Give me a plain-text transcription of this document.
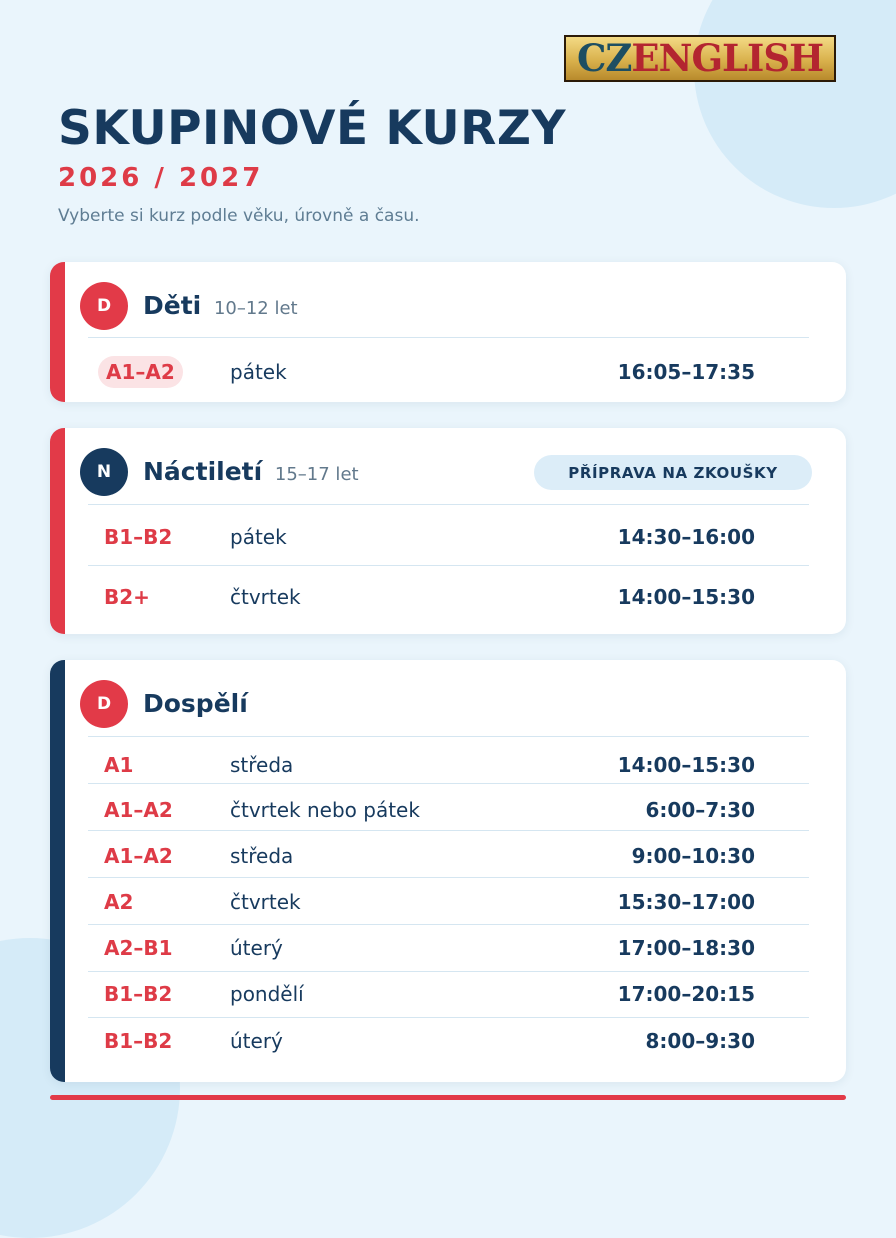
CZ ENGLISH
SKUPINOVÉ KURZY
2026 / 2027
Vyberte si kurz podle věku, úrovně a času.
D	Děti 10–12 let
A1–A2	pátek	16:05–17:35
N	Náctiletí 15–17 let	PŘÍPRAVA NA ZKOUŠKY
B1–B2	pátek	14:30–16:00
B2+	čtvrtek	14:00–15:30
D	Dospělí
A1	středa	14:00–15:30
A1–A2	čtvrtek nebo pátek	6:00–7:30
A1–A2	středa	9:00–10:30
A2	čtvrtek	15:30–17:00
A2–B1	úterý	17:00–18:30
B1–B2	pondělí	17:00–20:15
B1–B2	úterý	8:00–9:30
